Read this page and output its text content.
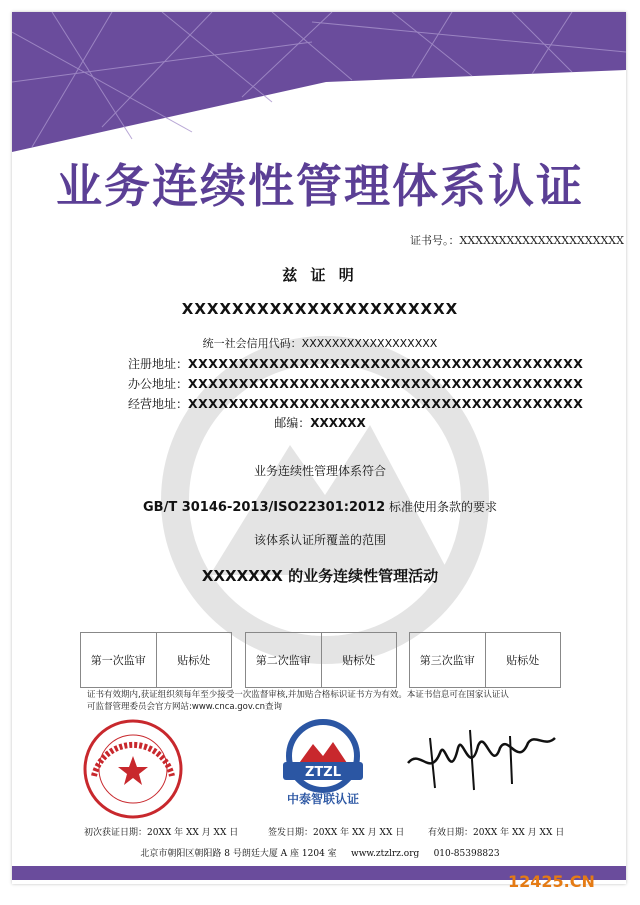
业务连续性管理体系认证
证书号。：XXXXXXXXXXXXXXXXXXXXX
兹 证 明
XXXXXXXXXXXXXXXXXXXXXX
统一社会信用代码：XXXXXXXXXXXXXXXXXX
注册地址：XXXXXXXXXXXXXXXXXXXXXXXXXXXXXXXXXXXXXXX
办公地址：XXXXXXXXXXXXXXXXXXXXXXXXXXXXXXXXXXXXXXX
经营地址：XXXXXXXXXXXXXXXXXXXXXXXXXXXXXXXXXXXXXXX
邮编：XXXXXX
业务连续性管理体系符合
GB/T 30146-2013/ISO22301:2012 标准使用条款的要求
该体系认证所覆盖的范围
XXXXXXX 的业务连续性管理活动
第一次监审	贴标处	第二次监审	贴标处	第三次监审	贴标处
证书有效期内,获证组织须每年至少接受一次监督审核,并加贴合格标识证书方为有效。本证书信息可在国家认证认
可监督管理委员会官方网站:www.cnca.gov.cn查询
ZTZL
中泰智联认证
初次获证日期：20XX 年 XX 月 XX 日	签发日期：20XX 年 XX 月 XX 日	有效日期：20XX 年 XX 月 XX 日
北京市朝阳区朝阳路 8 号朗廷大厦 A 座 1204 室 www.ztzlrz.org 010-85398823
12425.CN
